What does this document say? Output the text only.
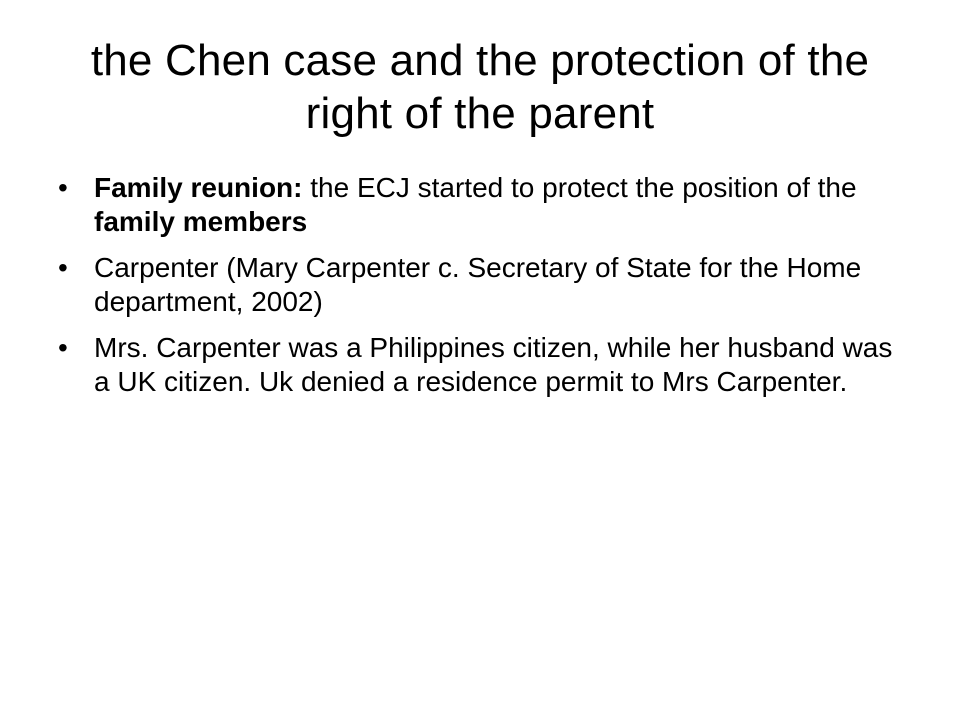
the Chen case and the protection of the right of the parent
• Family reunion: the ECJ started to protect the position of the family members
• Carpenter (Mary Carpenter c. Secretary of State for the Home department, 2002)
• Mrs. Carpenter was a Philippines citizen, while her husband was a UK citizen. Uk denied a residence permit to Mrs Carpenter.
